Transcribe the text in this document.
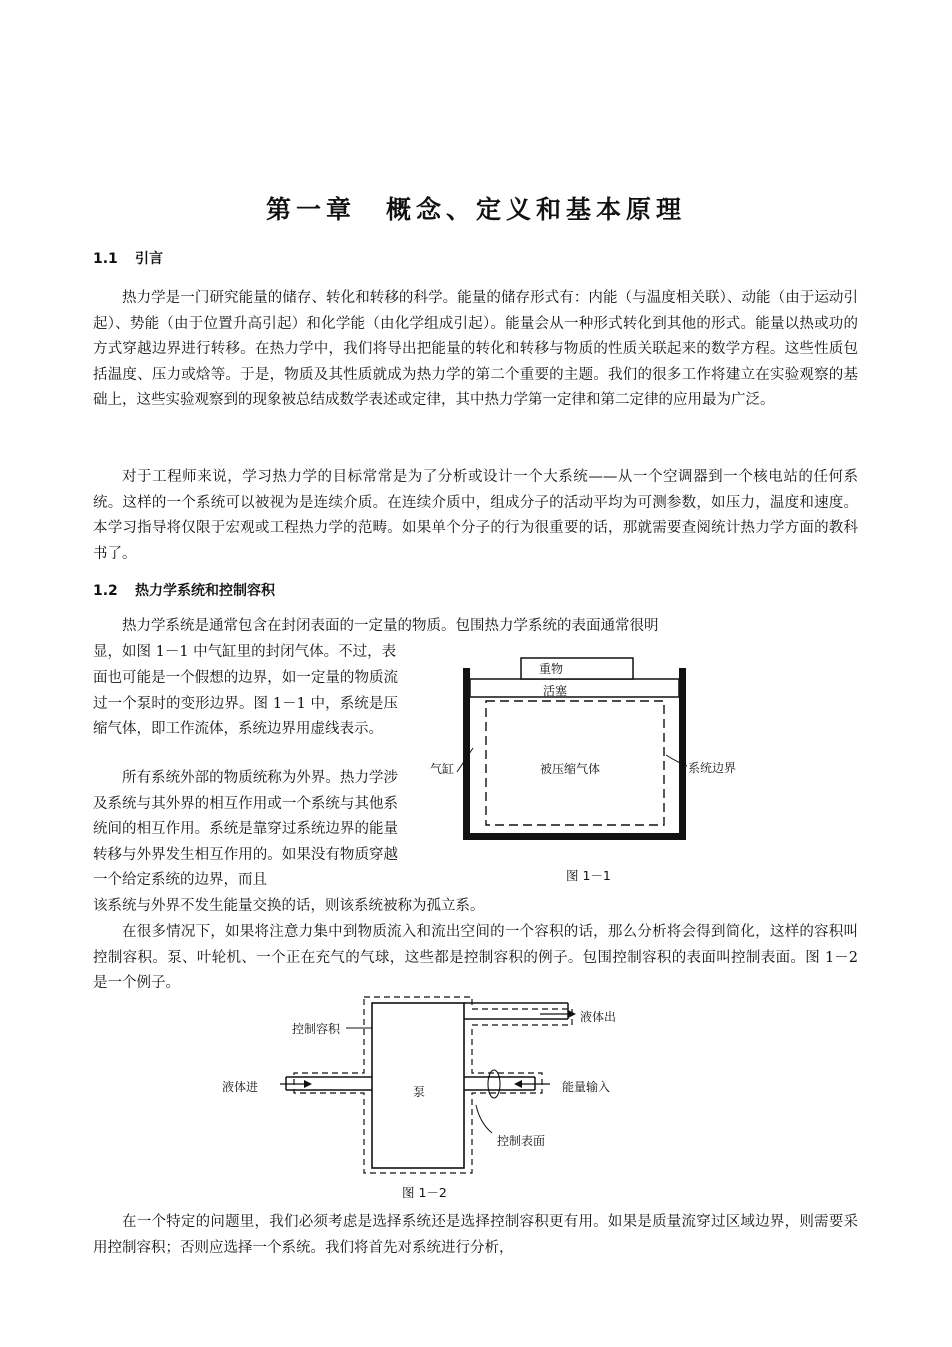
第一章　概念、定义和基本原理
1.1 引言

热力学是一门研究能量的储存、转化和转移的科学。能量的储存形式有：内能（与温度相关联）、动能（由于运动引起）、势能（由于位置升高引起）和化学能（由化学组成引起）。能量会从一种形式转化到其他的形式。能量以热或功的方式穿越边界进行转移。在热力学中，我们将导出把能量的转化和转移与物质的性质关联起来的数学方程。这些性质包括温度、压力或焓等。于是，物质及其性质就成为热力学的第二个重要的主题。我们的很多工作将建立在实验观察的基础上，这些实验观察到的现象被总结成数学表述或定律，其中热力学第一定律和第二定律的应用最为广泛。

对于工程师来说，学习热力学的目标常常是为了分析或设计一个大系统——从一个空调器到一个核电站的任何系统。这样的一个系统可以被视为是连续介质。在连续介质中，组成分子的活动平均为可测参数，如压力，温度和速度。本学习指导将仅限于宏观或工程热力学的范畴。如果单个分子的行为很重要的话，那就需要查阅统计热力学方面的教科书了。

1.2 热力学系统和控制容积

热力学系统是通常包含在封闭表面的一定量的物质。包围热力学系统的表面通常很明

显，如图 1－1 中气缸里的封闭气体。不过，表

面也可能是一个假想的边界，如一定量的物质流过一个泵时的变形边界。图 1－1 中，系统是压缩气体，即工作流体，系统边界用虚线表示。

所有系统外部的物质统称为外界。热力学涉及系统与其外界的相互作用或一个系统与其他系统间的相互作用。系统是靠穿过系统边界的能量转移与外界发生相互作用的。如果没有物质穿越一个给定系统的边界，而且

该系统与外界不发生能量交换的话，则该系统被称为孤立系。

重物
活塞
被压缩气体
气缸	系统边界
图 1－1

在很多情况下，如果将注意力集中到物质流入和流出空间的一个容积的话，那么分析将会得到简化，这样的容积叫控制容积。泵、叶轮机、一个正在充气的气球，这些都是控制容积的例子。包围控制容积的表面叫控制表面。图 1－2 是一个例子。

控制容积
液体出
液体进	泵	能量输入
控制表面
图 1－2

在一个特定的问题里，我们必须考虑是选择系统还是选择控制容积更有用。如果是质量流穿过区域边界，则需要采用控制容积；否则应选择一个系统。我们将首先对系统进行分析，
